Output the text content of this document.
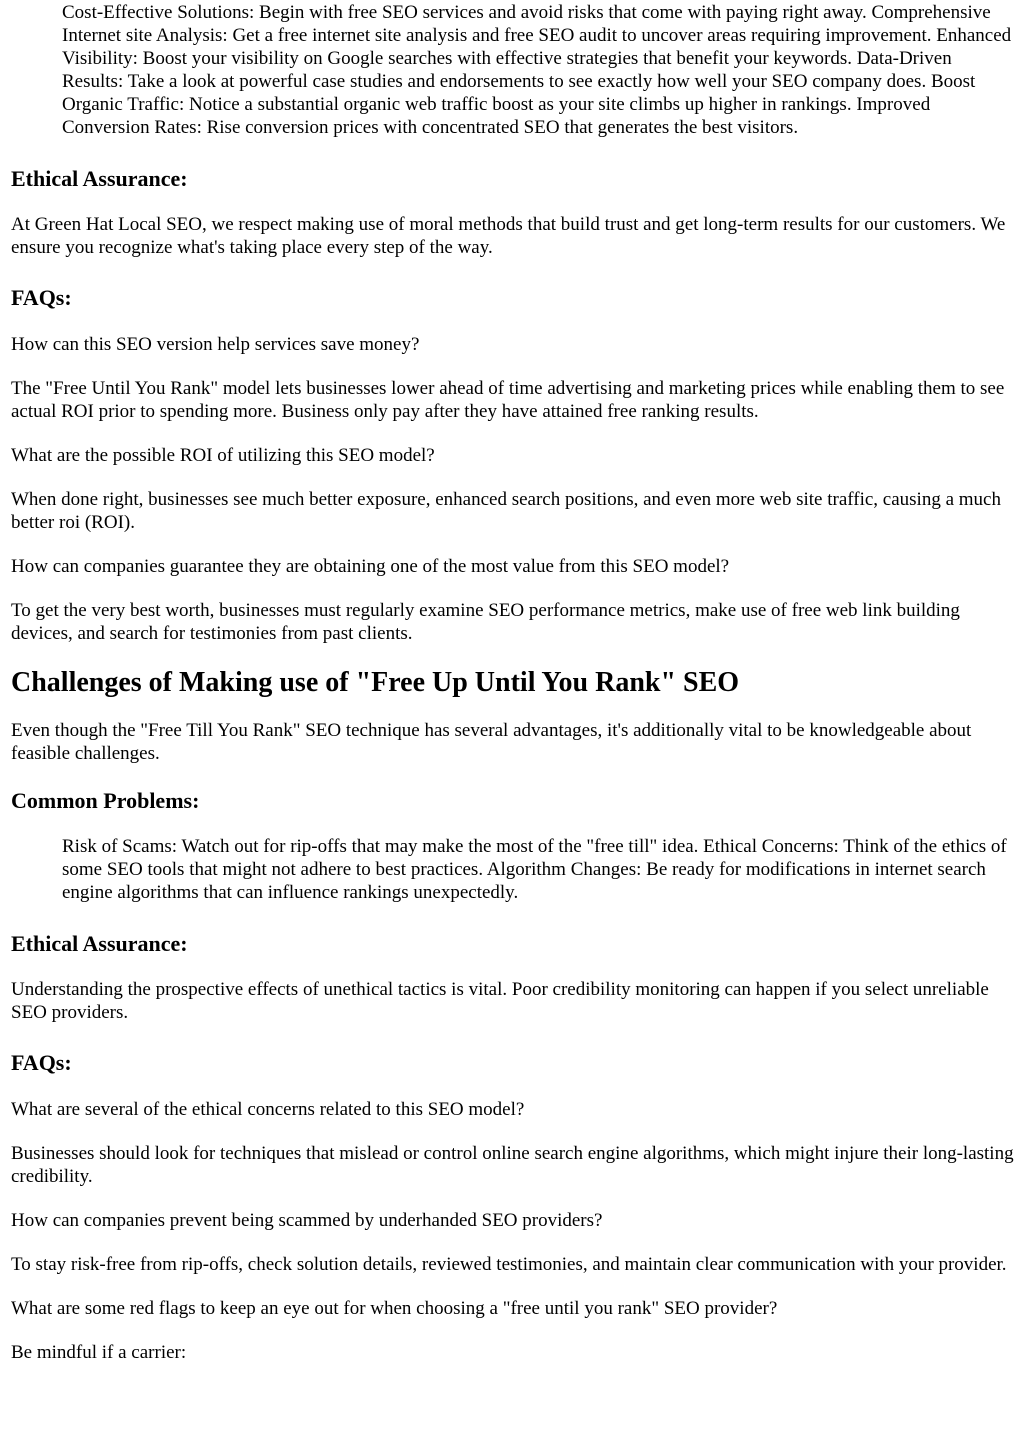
Cost-Effective Solutions: Begin with free SEO services and avoid risks that come with paying right away. Comprehensive Internet site Analysis: Get a free internet site analysis and free SEO audit to uncover areas requiring improvement. Enhanced Visibility: Boost your visibility on Google searches with effective strategies that benefit your keywords. Data-Driven Results: Take a look at powerful case studies and endorsements to see exactly how well your SEO company does. Boost Organic Traffic: Notice a substantial organic web traffic boost as your site climbs up higher in rankings. Improved Conversion Rates: Rise conversion prices with concentrated SEO that generates the best visitors.
Ethical Assurance:

At Green Hat Local SEO, we respect making use of moral methods that build trust and get long-term results for our customers. We ensure you recognize what's taking place every step of the way.

FAQs:

How can this SEO version help services save money?

The "Free Until You Rank" model lets businesses lower ahead of time advertising and marketing prices while enabling them to see actual ROI prior to spending more. Business only pay after they have attained free ranking results.

What are the possible ROI of utilizing this SEO model?

When done right, businesses see much better exposure, enhanced search positions, and even more web site traffic, causing a much better roi (ROI).

How can companies guarantee they are obtaining one of the most value from this SEO model?

To get the very best worth, businesses must regularly examine SEO performance metrics, make use of free web link building devices, and search for testimonies from past clients.

Challenges of Making use of "Free Up Until You Rank" SEO

Even though the "Free Till You Rank" SEO technique has several advantages, it's additionally vital to be knowledgeable about feasible challenges.

Common Problems:
Risk of Scams: Watch out for rip-offs that may make the most of the "free till" idea. Ethical Concerns: Think of the ethics of some SEO tools that might not adhere to best practices. Algorithm Changes: Be ready for modifications in internet search engine algorithms that can influence rankings unexpectedly.
Ethical Assurance:

Understanding the prospective effects of unethical tactics is vital. Poor credibility monitoring can happen if you select unreliable SEO providers.

FAQs:

What are several of the ethical concerns related to this SEO model?

Businesses should look for techniques that mislead or control online search engine algorithms, which might injure their long-lasting credibility.

How can companies prevent being scammed by underhanded SEO providers?

To stay risk-free from rip-offs, check solution details, reviewed testimonies, and maintain clear communication with your provider.

What are some red flags to keep an eye out for when choosing a "free until you rank" SEO provider?

Be mindful if a carrier:
